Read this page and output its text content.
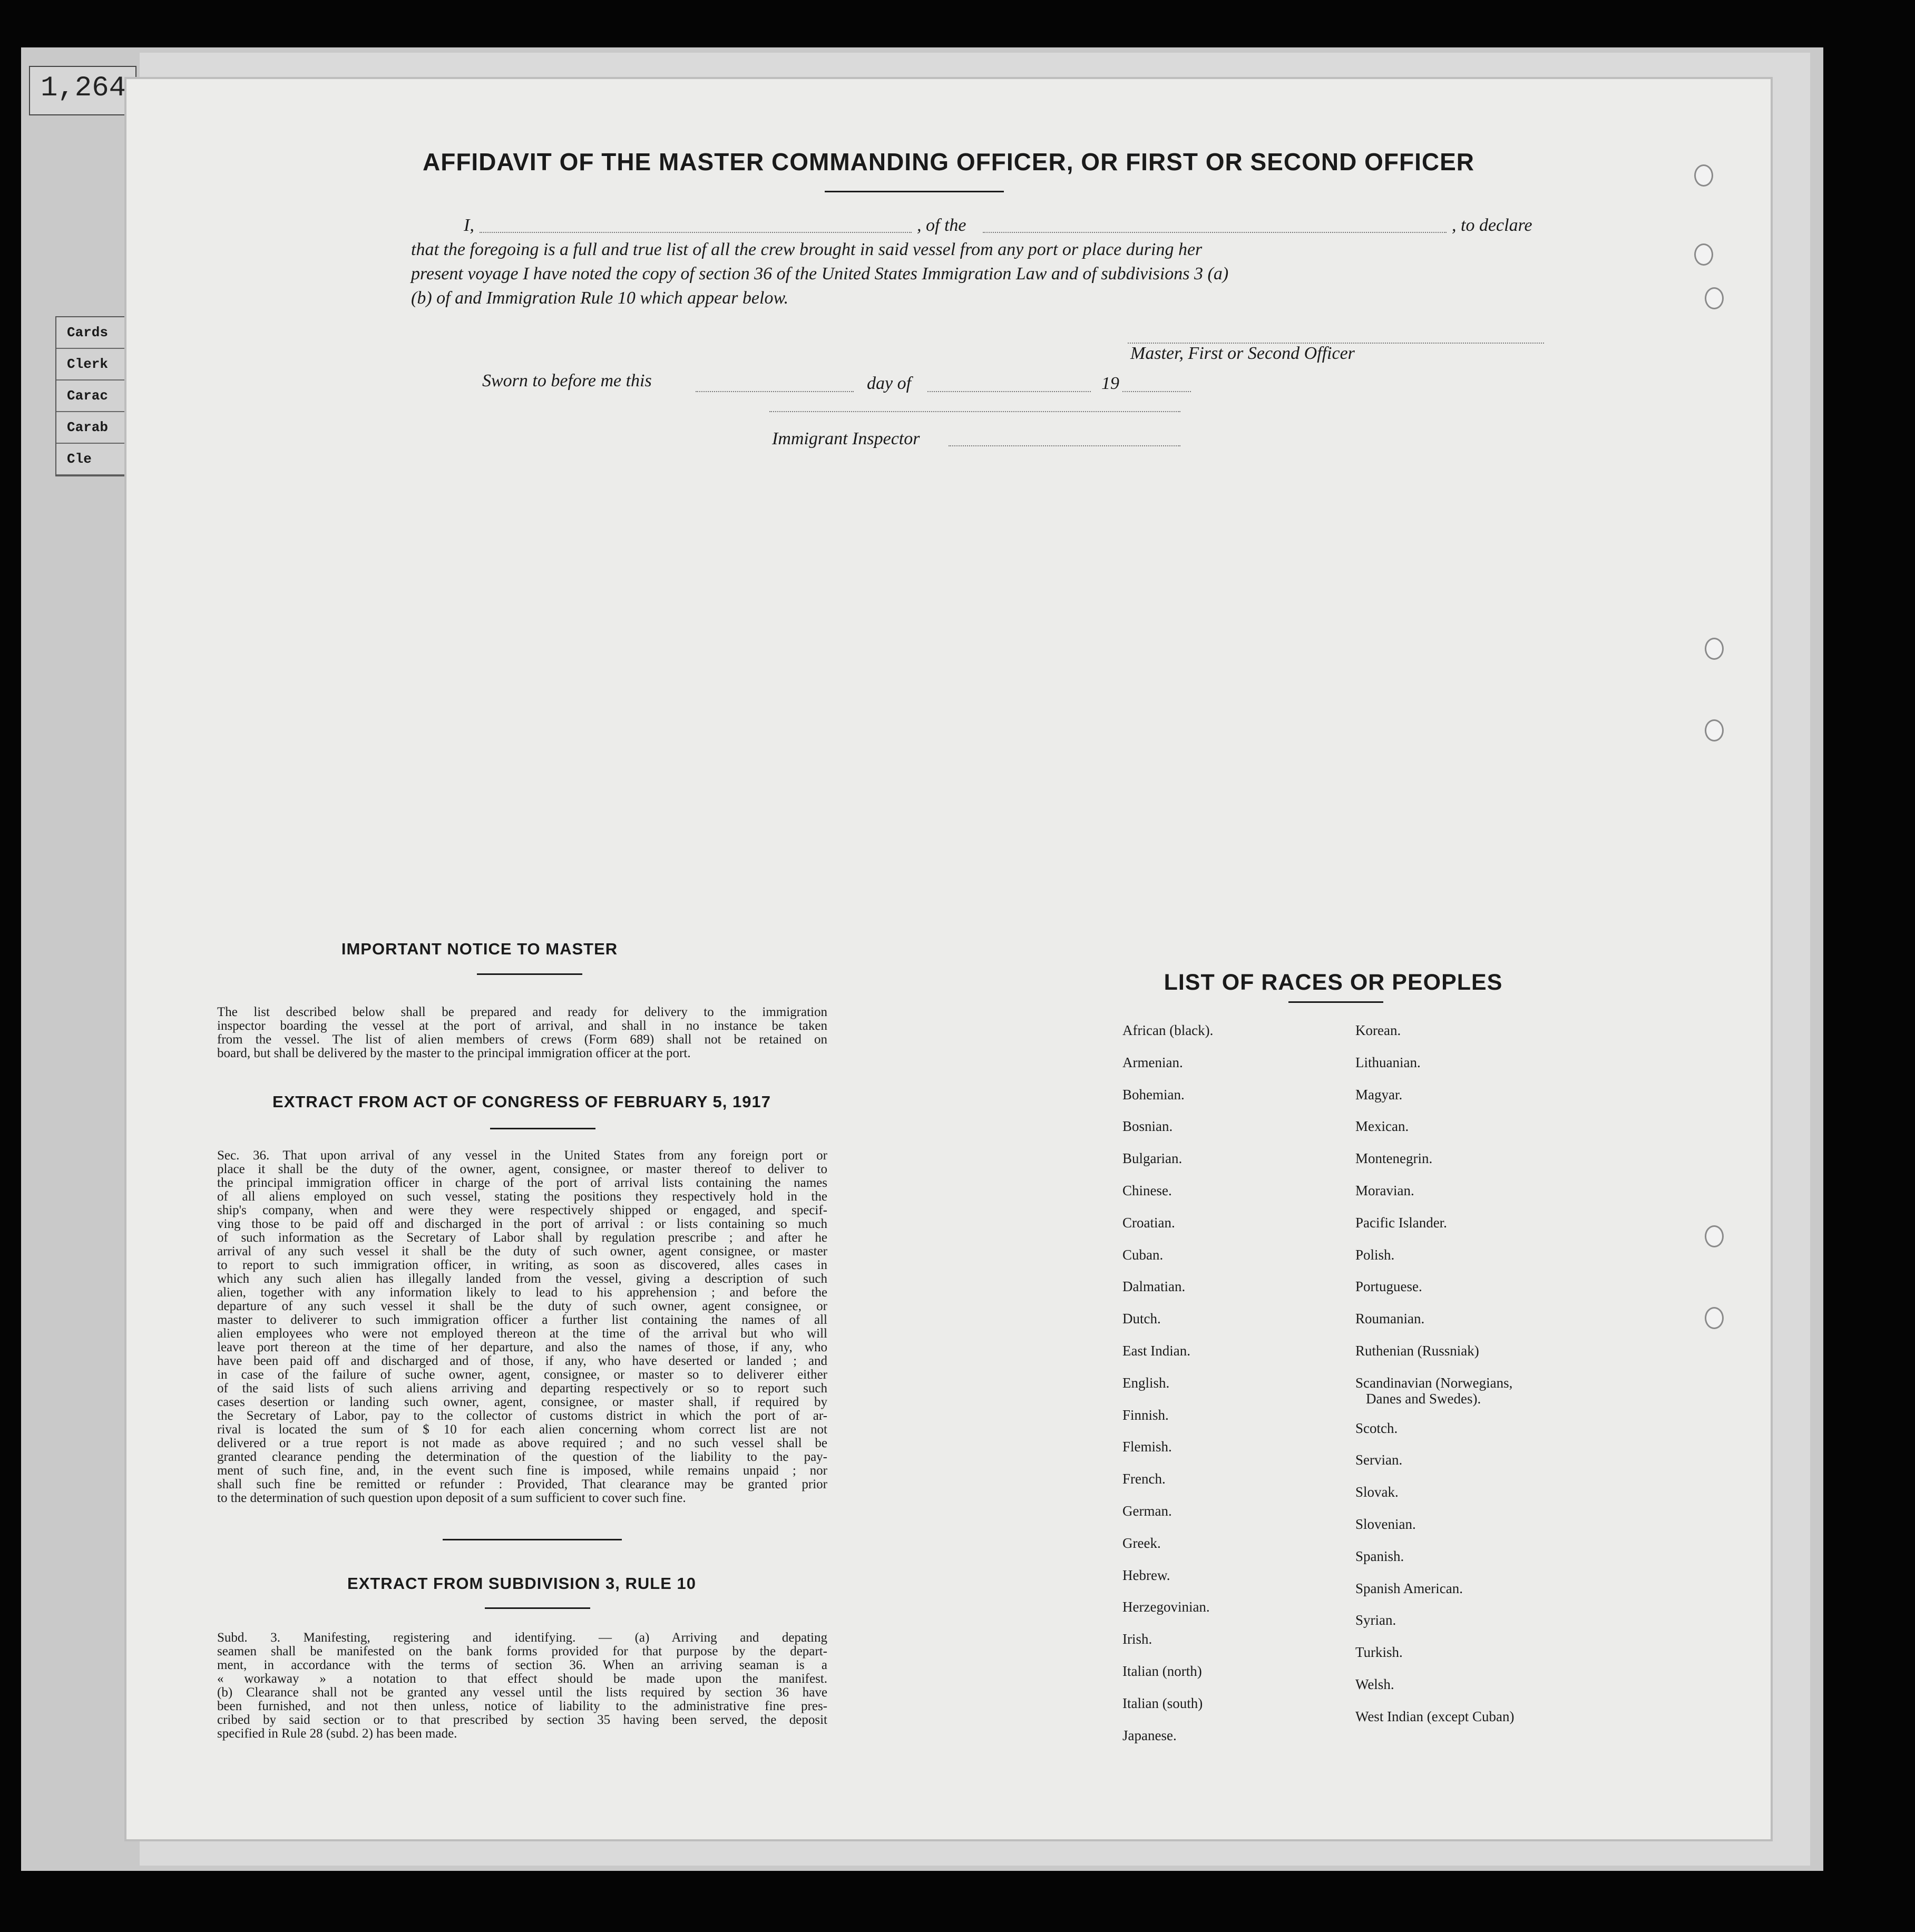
1,264
Cards
Clerk
Carac
Carab
Cle
AFFIDAVIT OF THE MASTER COMMANDING OFFICER, OR FIRST OR SECOND OFFICER
I,	, of the	, to declare
that the foregoing is a full and true list of all the crew brought in said vessel from any port or place during her
present voyage I have noted the copy of section 36 of the United States Immigration Law and of subdivisions 3 (a)
(b) of and Immigration Rule 10 which appear below.
Master, First or Second Officer
Sworn to before me this	day of	19
Immigrant Inspector
IMPORTANT NOTICE TO MASTER
The list described below shall be prepared and ready for delivery to the immigration
inspector boarding the vessel at the port of arrival, and shall in no instance be taken
from the vessel. The list of alien members of crews (Form 689) shall not be retained on
board, but shall be delivered by the master to the principal immigration officer at the port.
EXTRACT FROM ACT OF CONGRESS OF FEBRUARY 5, 1917
Sec. 36. That upon arrival of any vessel in the United States from any foreign port or
place it shall be the duty of the owner, agent, consignee, or master thereof to deliver to
the principal immigration officer in charge of the port of arrival lists containing the names
of all aliens employed on such vessel, stating the positions they respectively hold in the
ship's company, when and were they were respectively shipped or engaged, and specif-
ving those to be paid off and discharged in the port of arrival : or lists containing so much
of such information as the Secretary of Labor shall by regulation prescribe ; and after he
arrival of any such vessel it shall be the duty of such owner, agent consignee, or master
to report to such immigration officer, in writing, as soon as discovered, alles cases in
which any such alien has illegally landed from the vessel, giving a description of such
alien, together with any information likely to lead to his apprehension ; and before the
departure of any such vessel it shall be the duty of such owner, agent consignee, or
master to deliverer to such immigration officer a further list containing the names of all
alien employees who were not employed thereon at the time of the arrival but who will
leave port thereon at the time of her departure, and also the names of those, if any, who
have been paid off and discharged and of those, if any, who have deserted or landed ; and
in case of the failure of suche owner, agent, consignee, or master so to deliverer either
of the said lists of such aliens arriving and departing respectively or so to report such
cases desertion or landing such owner, agent, consignee, or master shall, if required by
the Secretary of Labor, pay to the collector of customs district in which the port of ar-
rival is located the sum of $ 10 for each alien concerning whom correct list are not
delivered or a true report is not made as above required ; and no such vessel shall be
granted clearance pending the determination of the question of the liability to the pay-
ment of such fine, and, in the event such fine is imposed, while remains unpaid ; nor
shall such fine be remitted or refunder : Provided, That clearance may be granted prior
to the determination of such question upon deposit of a sum sufficient to cover such fine.
EXTRACT FROM SUBDIVISION 3, RULE 10
Subd. 3. Manifesting, registering and identifying. — (a) Arriving and depating
seamen shall be manifested on the bank forms provided for that purpose by the depart-
ment, in accordance with the terms of section 36. When an arriving seaman is a
« workaway » a notation to that effect should be made upon the manifest.
(b) Clearance shall not be granted any vessel until the lists required by section 36 have
been furnished, and not then unless, notice of liability to the administrative fine pres-
cribed by said section or to that prescribed by section 35 having been served, the deposit
specified in Rule 28 (subd. 2) has been made.
LIST OF RACES OR PEOPLES
African (black).
Armenian.
Bohemian.
Bosnian.
Bulgarian.
Chinese.
Croatian.
Cuban.
Dalmatian.
Dutch.
East Indian.
English.
Finnish.
Flemish.
French.
German.
Greek.
Hebrew.
Herzegovinian.
Irish.
Italian (north)
Italian (south)
Japanese.
Korean.
Lithuanian.
Magyar.
Mexican.
Montenegrin.
Moravian.
Pacific Islander.
Polish.
Portuguese.
Roumanian.
Ruthenian (Russniak)
Scandinavian (Norwegians,
Danes and Swedes).
Scotch.
Servian.
Slovak.
Slovenian.
Spanish.
Spanish American.
Syrian.
Turkish.
Welsh.
West Indian (except Cuban)
